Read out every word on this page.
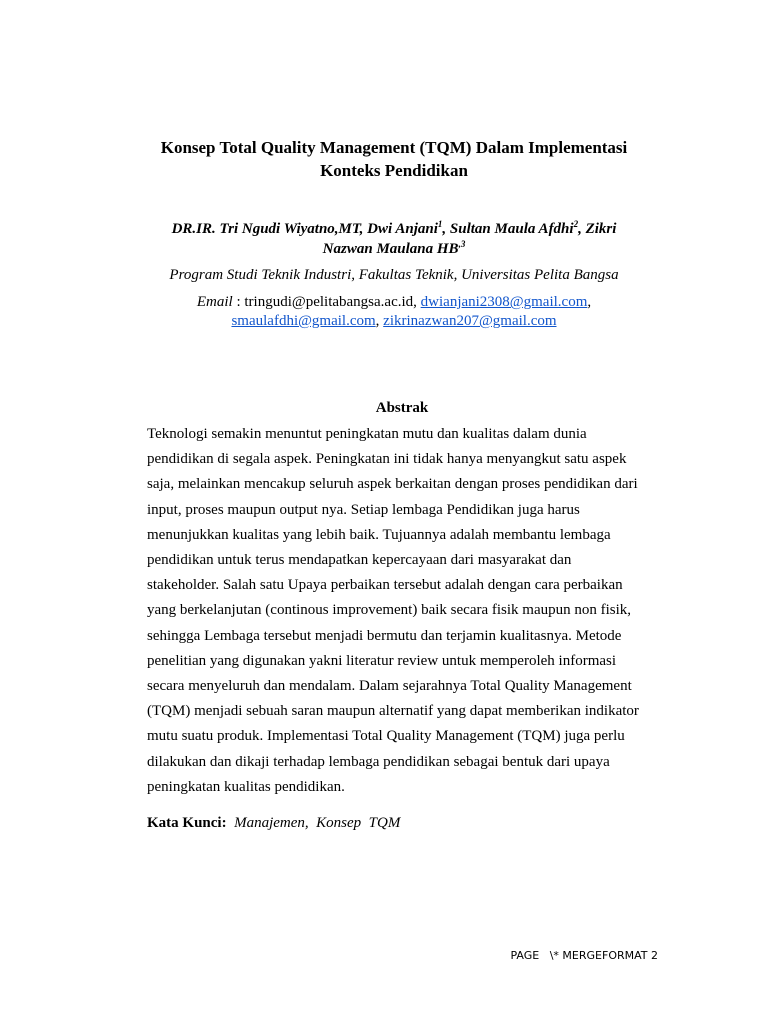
Konsep Total Quality Management (TQM) Dalam Implementasi
Konteks Pendidikan
DR.IR. Tri Ngudi Wiyatno,MT, Dwi Anjani$^1$, Sultan Maula Afdhi$^2$, Zikri
Nazwan Maulana $HB^{,3}$
Program Studi Teknik Industri, Fakultas Teknik, Universitas Pelita Bangsa
Email : tringudi@pelitabangsa.ac.id, dwianjani2308@gmail.com,
smaulafdhi@gmail.com, zikrinazwan207@gmail.com
Abstrak
Teknologi semakin menuntut peningkatan mutu dan kualitas dalam dunia
pendidikan di segala aspek. Peningkatan ini tidak hanya menyangkut satu aspek
saja, melainkan mencakup seluruh aspek berkaitan dengan proses pendidikan dari
input, proses maupun output nya. Setiap lembaga Pendidikan juga harus
menunjukkan kualitas yang lebih baik. Tujuannya adalah membantu lembaga
pendidikan untuk terus mendapatkan kepercayaan dari masyarakat dan
stakeholder. Salah satu Upaya perbaikan tersebut adalah dengan cara perbaikan
yang berkelanjutan (continous improvement) baik secara fisik maupun non fisik,
sehingga Lembaga tersebut menjadi bermutu dan terjamin kualitasnya. Metode
penelitian yang digunakan yakni literatur review untuk memperoleh informasi
secara menyeluruh dan mendalam. Dalam sejarahnya Total Quality Management
(TQM) menjadi sebuah saran maupun alternatif yang dapat memberikan indikator
mutu suatu produk. Implementasi Total Quality Management (TQM) juga perlu
dilakukan dan dikaji terhadap lembaga pendidikan sebagai bentuk dari upaya
peningkatan kualitas pendidikan.
Kata Kunci:  Manajemen,  Konsep  TQM
PAGE   \* MERGEFORMAT 2
